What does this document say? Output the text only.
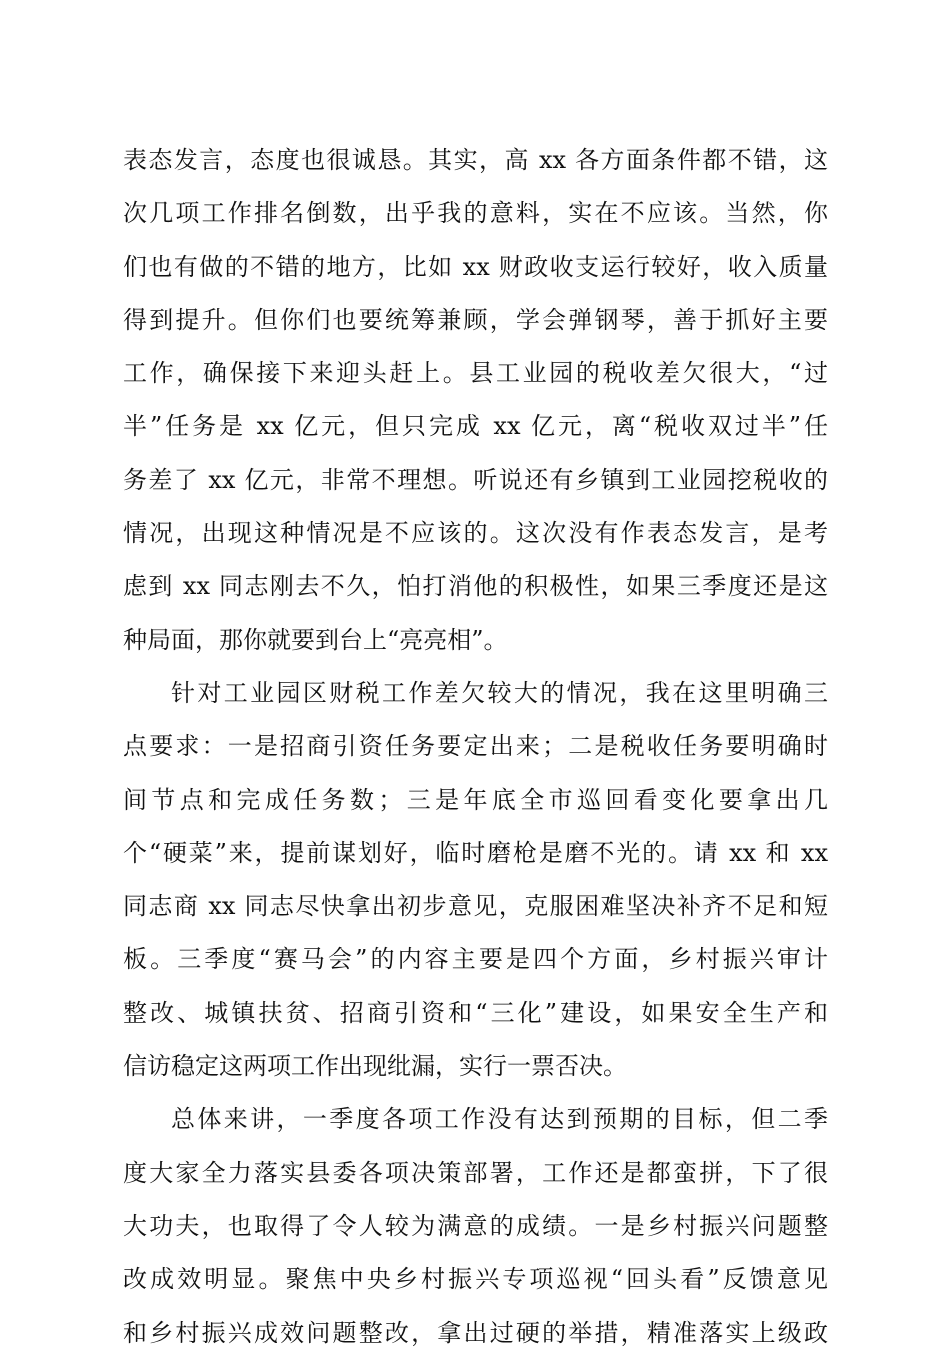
表态发言，态度也很诚恳。其实，高 xx 各方面条件都不错，这
次几项工作排名倒数，出乎我的意料，实在不应该。当然，你
们也有做的不错的地方，比如 xx 财政收支运行较好，收入质量
得到提升。但你们也要统筹兼顾，学会弹钢琴，善于抓好主要
工作，确保接下来迎头赶上。县工业园的税收差欠很大，“过
半”任务是 xx 亿元，但只完成 xx 亿元，离“税收双过半”任
务差了 xx 亿元，非常不理想。听说还有乡镇到工业园挖税收的
情况，出现这种情况是不应该的。这次没有作表态发言，是考
虑到 xx 同志刚去不久，怕打消他的积极性，如果三季度还是这
种局面，那你就要到台上“亮亮相”。
针对工业园区财税工作差欠较大的情况，我在这里明确三
点要求：一是招商引资任务要定出来；二是税收任务要明确时
间节点和完成任务数；三是年底全市巡回看变化要拿出几
个“硬菜”来，提前谋划好，临时磨枪是磨不光的。请 xx 和 xx
同志商 xx 同志尽快拿出初步意见，克服困难坚决补齐不足和短
板。三季度“赛马会”的内容主要是四个方面，乡村振兴审计
整改、城镇扶贫、招商引资和“三化”建设，如果安全生产和
信访稳定这两项工作出现纰漏，实行一票否决。
总体来讲，一季度各项工作没有达到预期的目标，但二季
度大家全力落实县委各项决策部署，工作还是都蛮拼，下了很
大功夫，也取得了令人较为满意的成绩。一是乡村振兴问题整
改成效明显。聚焦中央乡村振兴专项巡视“回头看”反馈意见
和乡村振兴成效问题整改，拿出过硬的举措，精准落实上级政
